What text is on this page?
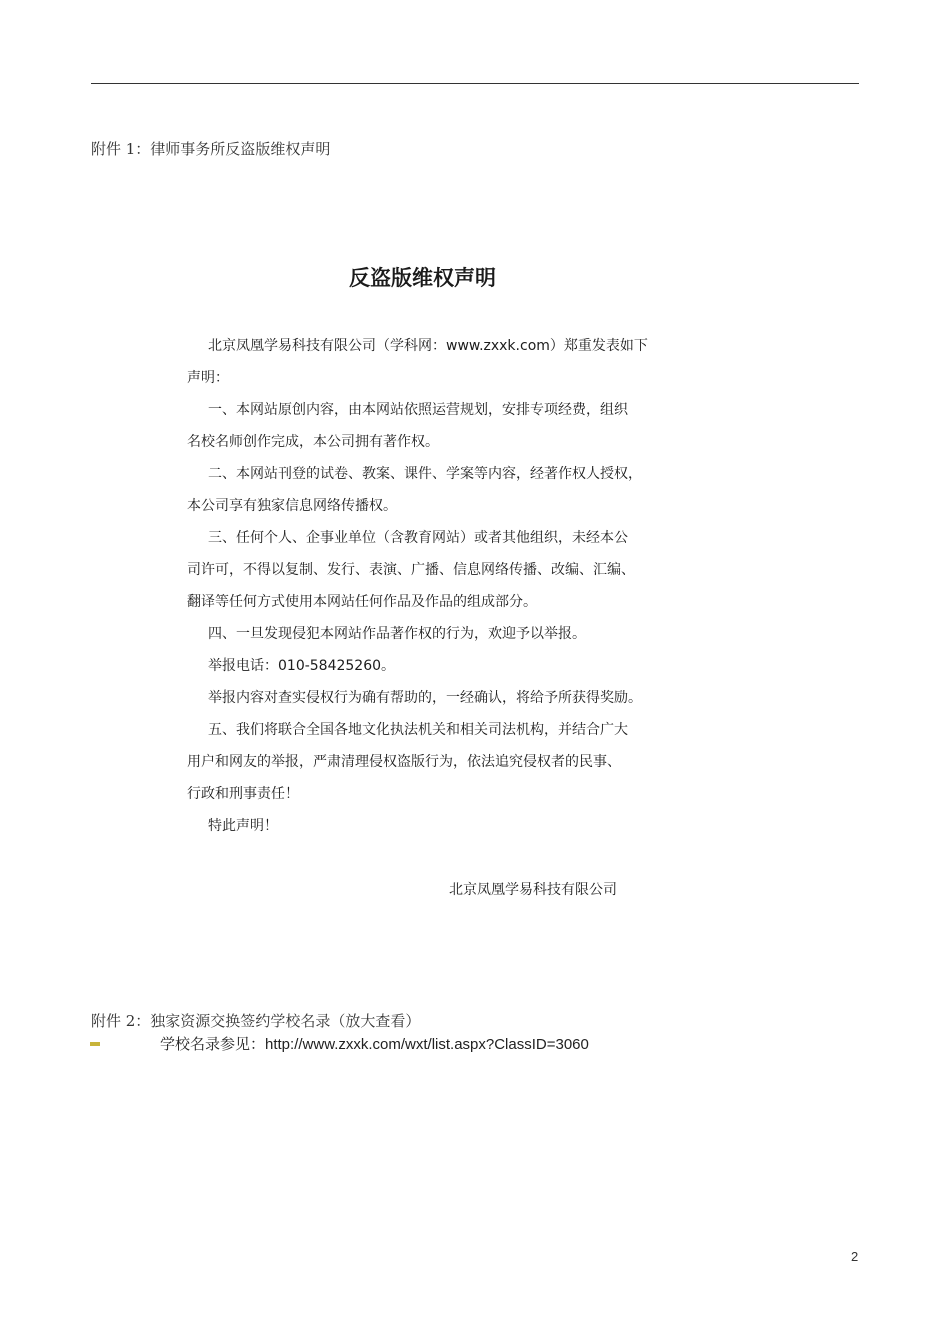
附件 1：律师事务所反盗版维权声明
反盗版维权声明
北京凤凰学易科技有限公司（学科网：www.zxxk.com）郑重发表如下
声明：
一、本网站原创内容，由本网站依照运营规划，安排专项经费，组织
名校名师创作完成，本公司拥有著作权。
二、本网站刊登的试卷、教案、课件、学案等内容，经著作权人授权，
本公司享有独家信息网络传播权。
三、任何个人、企事业单位（含教育网站）或者其他组织，未经本公
司许可，不得以复制、发行、表演、广播、信息网络传播、改编、汇编、
翻译等任何方式使用本网站任何作品及作品的组成部分。
四、一旦发现侵犯本网站作品著作权的行为，欢迎予以举报。
举报电话：010-58425260。
举报内容对查实侵权行为确有帮助的，一经确认，将给予所获得奖励。
五、我们将联合全国各地文化执法机关和相关司法机构，并结合广大
用户和网友的举报，严肃清理侵权盗版行为，依法追究侵权者的民事、
行政和刑事责任！
特此声明！
北京凤凰学易科技有限公司
附件 2：独家资源交换签约学校名录（放大查看）
学校名录参见：http://www.zxxk.com/wxt/list.aspx?ClassID=3060
2
